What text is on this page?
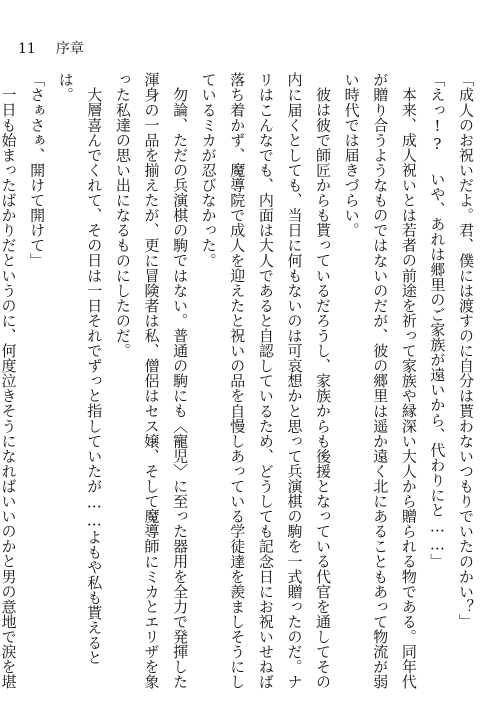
11 序章

「成人のお祝いだよ。君、僕には渡すのに自分は貰わないつもりでいたのかい？」

「えっ!? いや、あれは郷里のご家族が遠いから、代わりにと……」

本来、成人祝いとは若者の前途を祈って家族や縁深い大人から贈られる物である。同年代が贈り合うようなものではないのだが、彼の郷里は遥か遠く北にあることもあって物流が弱い時代では届きづらい。

彼は彼で師匠からも貰っているだろうし、家族からも後援となっている代官を通してその内に届くとしても、当日に何もないのは可哀想かと思って兵演棋の駒を一式贈ったのだ。ナリはこんなでも、内面は大人であると自認しているため、どうしても記念日にお祝いせねば落ち着かず、魔導院で成人を迎えたと祝いの品を自慢しあっている学徒達を羨ましそうにしているミカが忍びなかった。

勿論、ただの兵演棋の駒ではない。普通の駒にも〈寵児〉に至った器用を全力で発揮した渾身の一品を揃えたが、更に冒険者は私、僧侶はセス嬢、そして魔導師にミカとエリザを象った私達の思い出になるものにしたのだ。

大層喜んでくれて、その日は一日それでずっと指していたが……よもや私も貰えるとは。

「さぁさぁ、開けて開けて」

一日も始まったばかりだというのに、何度泣きそうになればいいのかと男の意地で涙を堪
